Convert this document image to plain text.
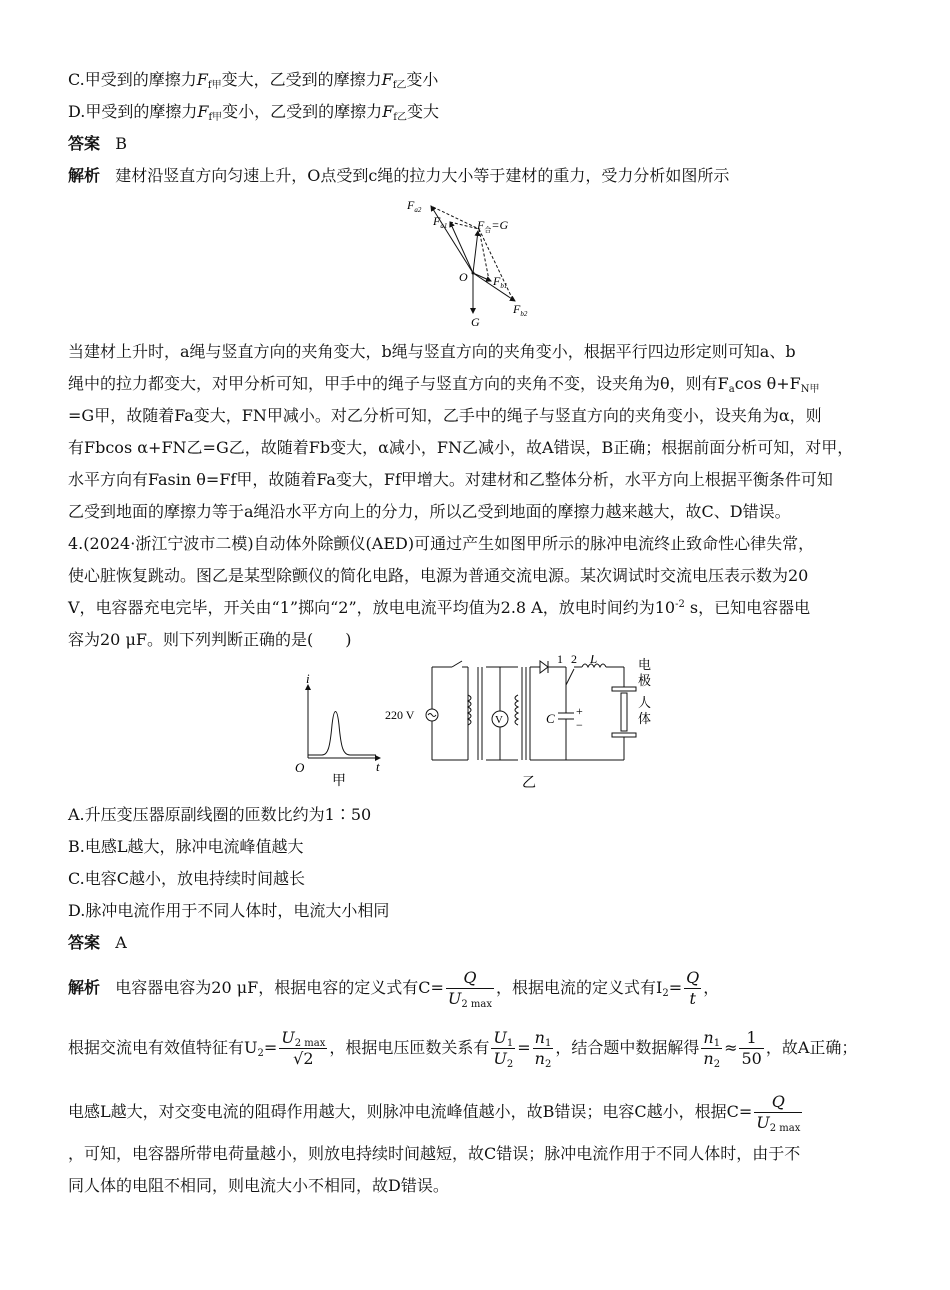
C.甲受到的摩擦力$F_{f甲}$变大，乙受到的摩擦力$F_{f乙}$变小
D.甲受到的摩擦力$F_{f甲}$变小，乙受到的摩擦力$F_{f乙}$变大
答案 B
解析 建材沿竖直方向匀速上升，O点受到c绳的拉力大小等于建材的重力，受力分析如图所示
$F_{a2}$
$F_{a1}$ $F_合=G$
O $F_{b1}$
$F_{b2}$
G
当建材上升时，a绳与竖直方向的夹角变大，b绳与竖直方向的夹角变小，根据平行四边形定则可知a、b
绳中的拉力都变大，对甲分析可知，甲手中的绳子与竖直方向的夹角不变，设夹角为θ，则有$F_a\cos$ $\theta+F_{N甲}$
=G甲，故随着Fa变大，FN甲减小。对乙分析可知，乙手中的绳子与竖直方向的夹角变小，设夹角为α，则
有Fbcos α+FN乙=G乙，故随着Fb变大，α减小，FN乙减小，故A错误，B正确；根据前面分析可知，对甲，
水平方向有Fasin θ=Ff甲，故随着Fa变大，Ff甲增大。对建材和乙整体分析，水平方向上根据平衡条件可知
乙受到地面的摩擦力等于a绳沿水平方向上的分力，所以乙受到地面的摩擦力越来越大，故C、D错误。
4.(2024·浙江宁波市二模)自动体外除颤仪(AED)可通过产生如图甲所示的脉冲电流终止致命性心律失常，
使心脏恢复跳动。图乙是某型除颤仪的简化电路，电源为普通交流电源。某次调试时交流电压表示数为20
V，电容器充电完毕，开关由“1”掷向“2”，放电电流平均值为2.8 A，放电时间约为$10^{-2}$ s，已知电容器电
容为20 μF。则下列判断正确的是(　　)
i
O	t
甲
220 V	V
1 2 L	电
极
人
体
C +
−
乙
A.升压变压器原副线圈的匝数比约为1∶50
B.电感L越大，脉冲电流峰值越大
C.电容C越小，放电持续时间越长
D.脉冲电流作用于不同人体时，电流大小相同
答案 A
解析 电容器电容为20 μF，根据电容的定义式有$C= \frac{Q}{U_{2 max}}$ ，根据电流的定义式有$I_2= \frac{Q}{t}$ ，
根据交流电有效值特征有$U_2= \frac{U_{2 max}}{√2}$ ，根据电压匝数关系有 $\frac{U_1}{U_2} = \frac{n_1}{n_2}$ ，结合题中数据解得 $\frac{n_1}{n_2} \approx \frac{1}{50}$ ，故A正确；
电感L越大，对交变电流的阻碍作用越大，则脉冲电流峰值越小，故B错误；电容C越小，根据$C= \frac{Q}{U_{2 max}}$
，可知，电容器所带电荷量越小，则放电持续时间越短，故C错误；脉冲电流作用于不同人体时，由于不
同人体的电阻不相同，则电流大小不相同，故D错误。
